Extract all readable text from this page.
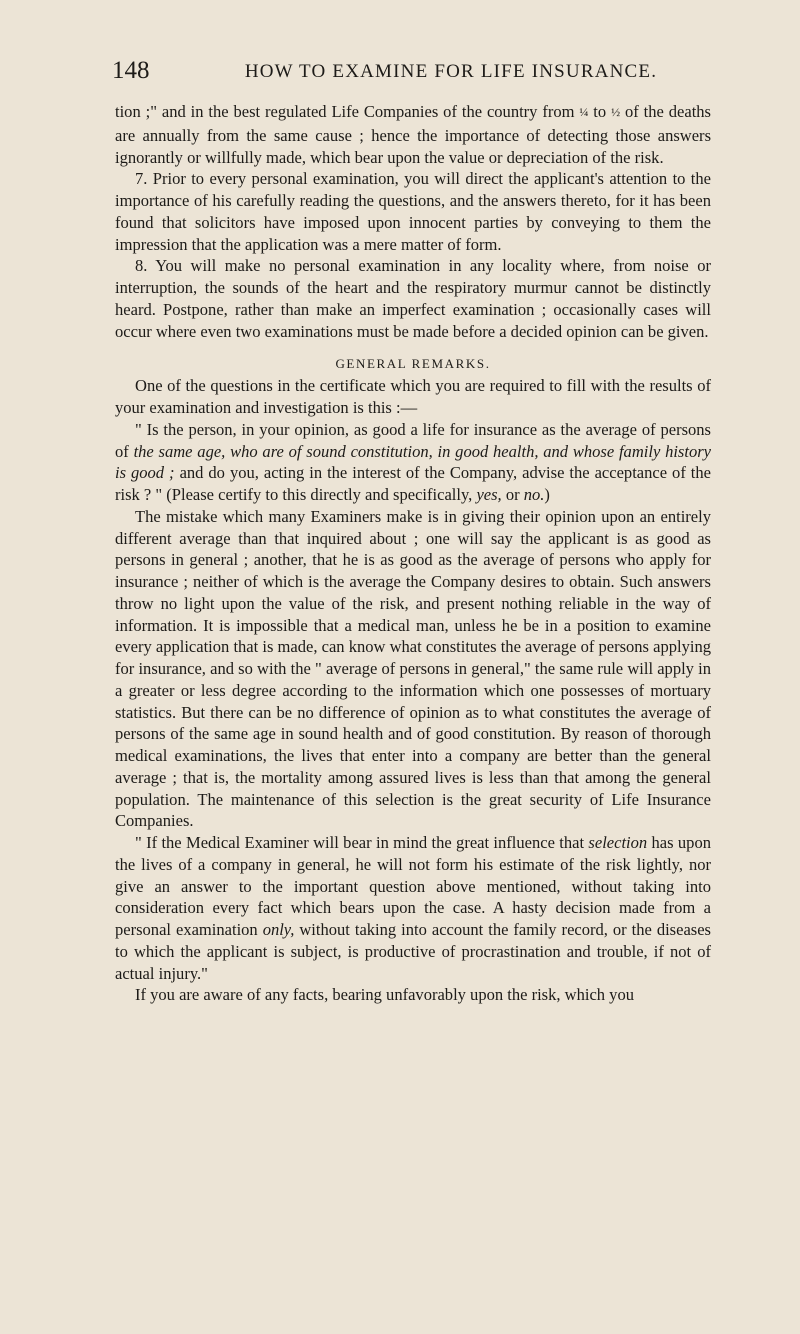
148	HOW TO EXAMINE FOR LIFE INSURANCE.

tion ;" and in the best regulated Life Companies of the country from ¼ to ½ of the deaths are annually from the same cause ; hence the importance of detecting those answers ignorantly or willfully made, which bear upon the value or depreciation of the risk.

7. Prior to every personal examination, you will direct the applicant's attention to the importance of his carefully reading the questions, and the answers thereto, for it has been found that solicitors have imposed upon innocent parties by conveying to them the impression that the application was a mere matter of form.

8. You will make no personal examination in any locality where, from noise or interruption, the sounds of the heart and the respiratory murmur cannot be distinctly heard. Postpone, rather than make an imperfect examination ; occasionally cases will occur where even two examinations must be made before a decided opinion can be given.

GENERAL REMARKS.

One of the questions in the certificate which you are required to fill with the results of your examination and investigation is this :—

" Is the person, in your opinion, as good a life for insurance as the average of persons of the same age, who are of sound constitution, in good health, and whose family history is good ; and do you, acting in the interest of the Company, advise the acceptance of the risk ? " (Please certify to this directly and specifically, yes, or no.)

The mistake which many Examiners make is in giving their opinion upon an entirely different average than that inquired about ; one will say the applicant is as good as persons in general ; another, that he is as good as the average of persons who apply for insurance ; neither of which is the average the Company desires to obtain. Such answers throw no light upon the value of the risk, and present nothing reliable in the way of information. It is impossible that a medical man, unless he be in a position to examine every application that is made, can know what constitutes the average of persons applying for insurance, and so with the " average of persons in general," the same rule will apply in a greater or less degree according to the information which one possesses of mortuary statistics. But there can be no difference of opinion as to what constitutes the average of persons of the same age in sound health and of good constitution. By reason of thorough medical examinations, the lives that enter into a company are better than the general average ; that is, the mortality among assured lives is less than that among the general population. The maintenance of this selection is the great security of Life Insurance Companies.

" If the Medical Examiner will bear in mind the great influence that selection has upon the lives of a company in general, he will not form his estimate of the risk lightly, nor give an answer to the important question above mentioned, without taking into consideration every fact which bears upon the case. A hasty decision made from a personal examination only, without taking into account the family record, or the diseases to which the applicant is subject, is productive of procrastination and trouble, if not of actual injury."

If you are aware of any facts, bearing unfavorably upon the risk, which you
